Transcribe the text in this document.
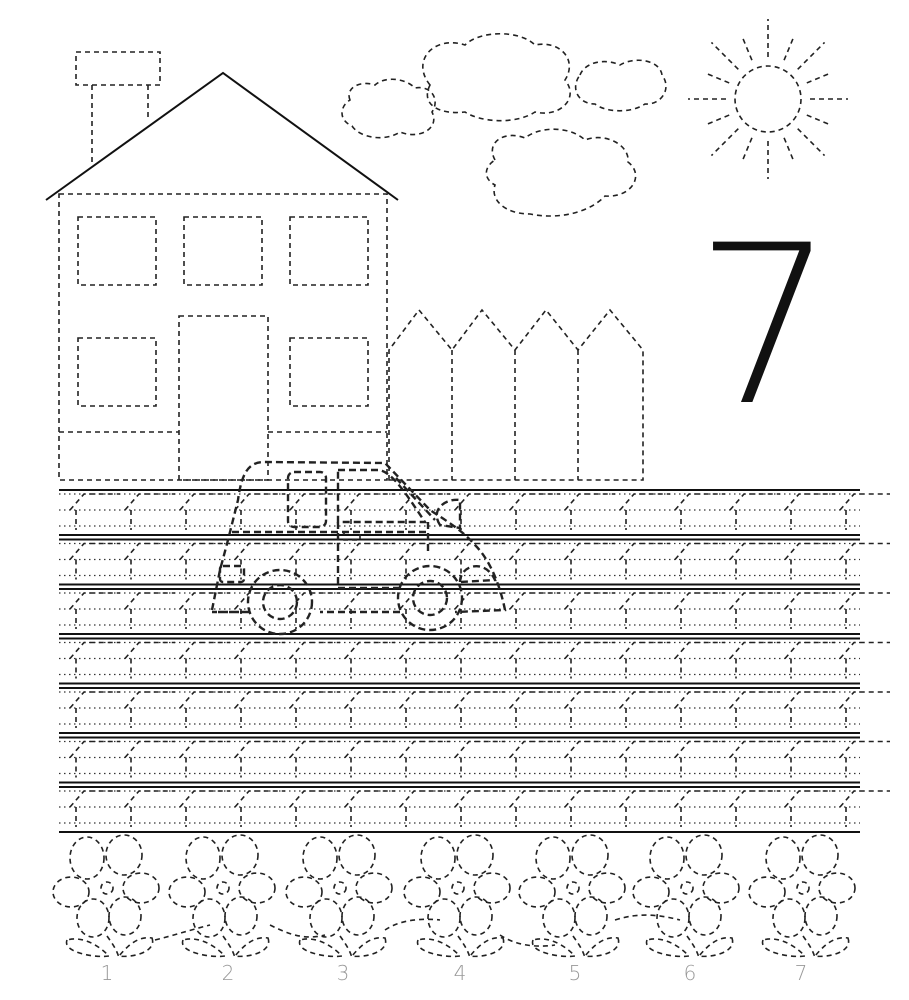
7
1	2	3	4	5	6	7
